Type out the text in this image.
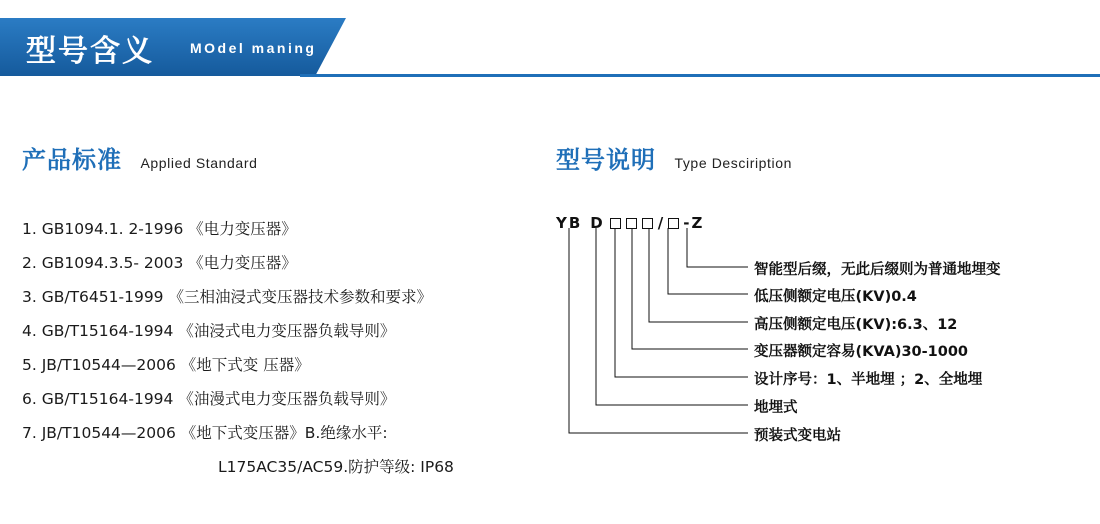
型号含义	MOdel maning
产品标准 Applied Standard
1. GB1094.1. 2-1996 《电力变压器》
2. GB1094.3.5- 2003 《电力变压器》
3. GB/T6451-1999 《三相油浸式变压器技术参数和要求》
4. GB/T15164-1994 《油浸式电力变压器负载导则》
5. JB/T10544—2006 《地下式变 压器》
6. GB/T15164-1994 《油漫式电力变压器负载导则》
7. JB/T10544—2006 《地下式变压器》B.绝缘水平:
L175AC35/AC59.防护等级: IP68
型号说明 Type Desciription
YB D	/ - Z
智能型后缀，无此后缀则为普通地埋变
低压侧额定电压(KV)0.4
高压侧额定电压(KV):6.3、12
变压器额定容易(KVA)30-1000
设计序号：1、半地埋 ；2、全地埋
地埋式
预装式变电站
